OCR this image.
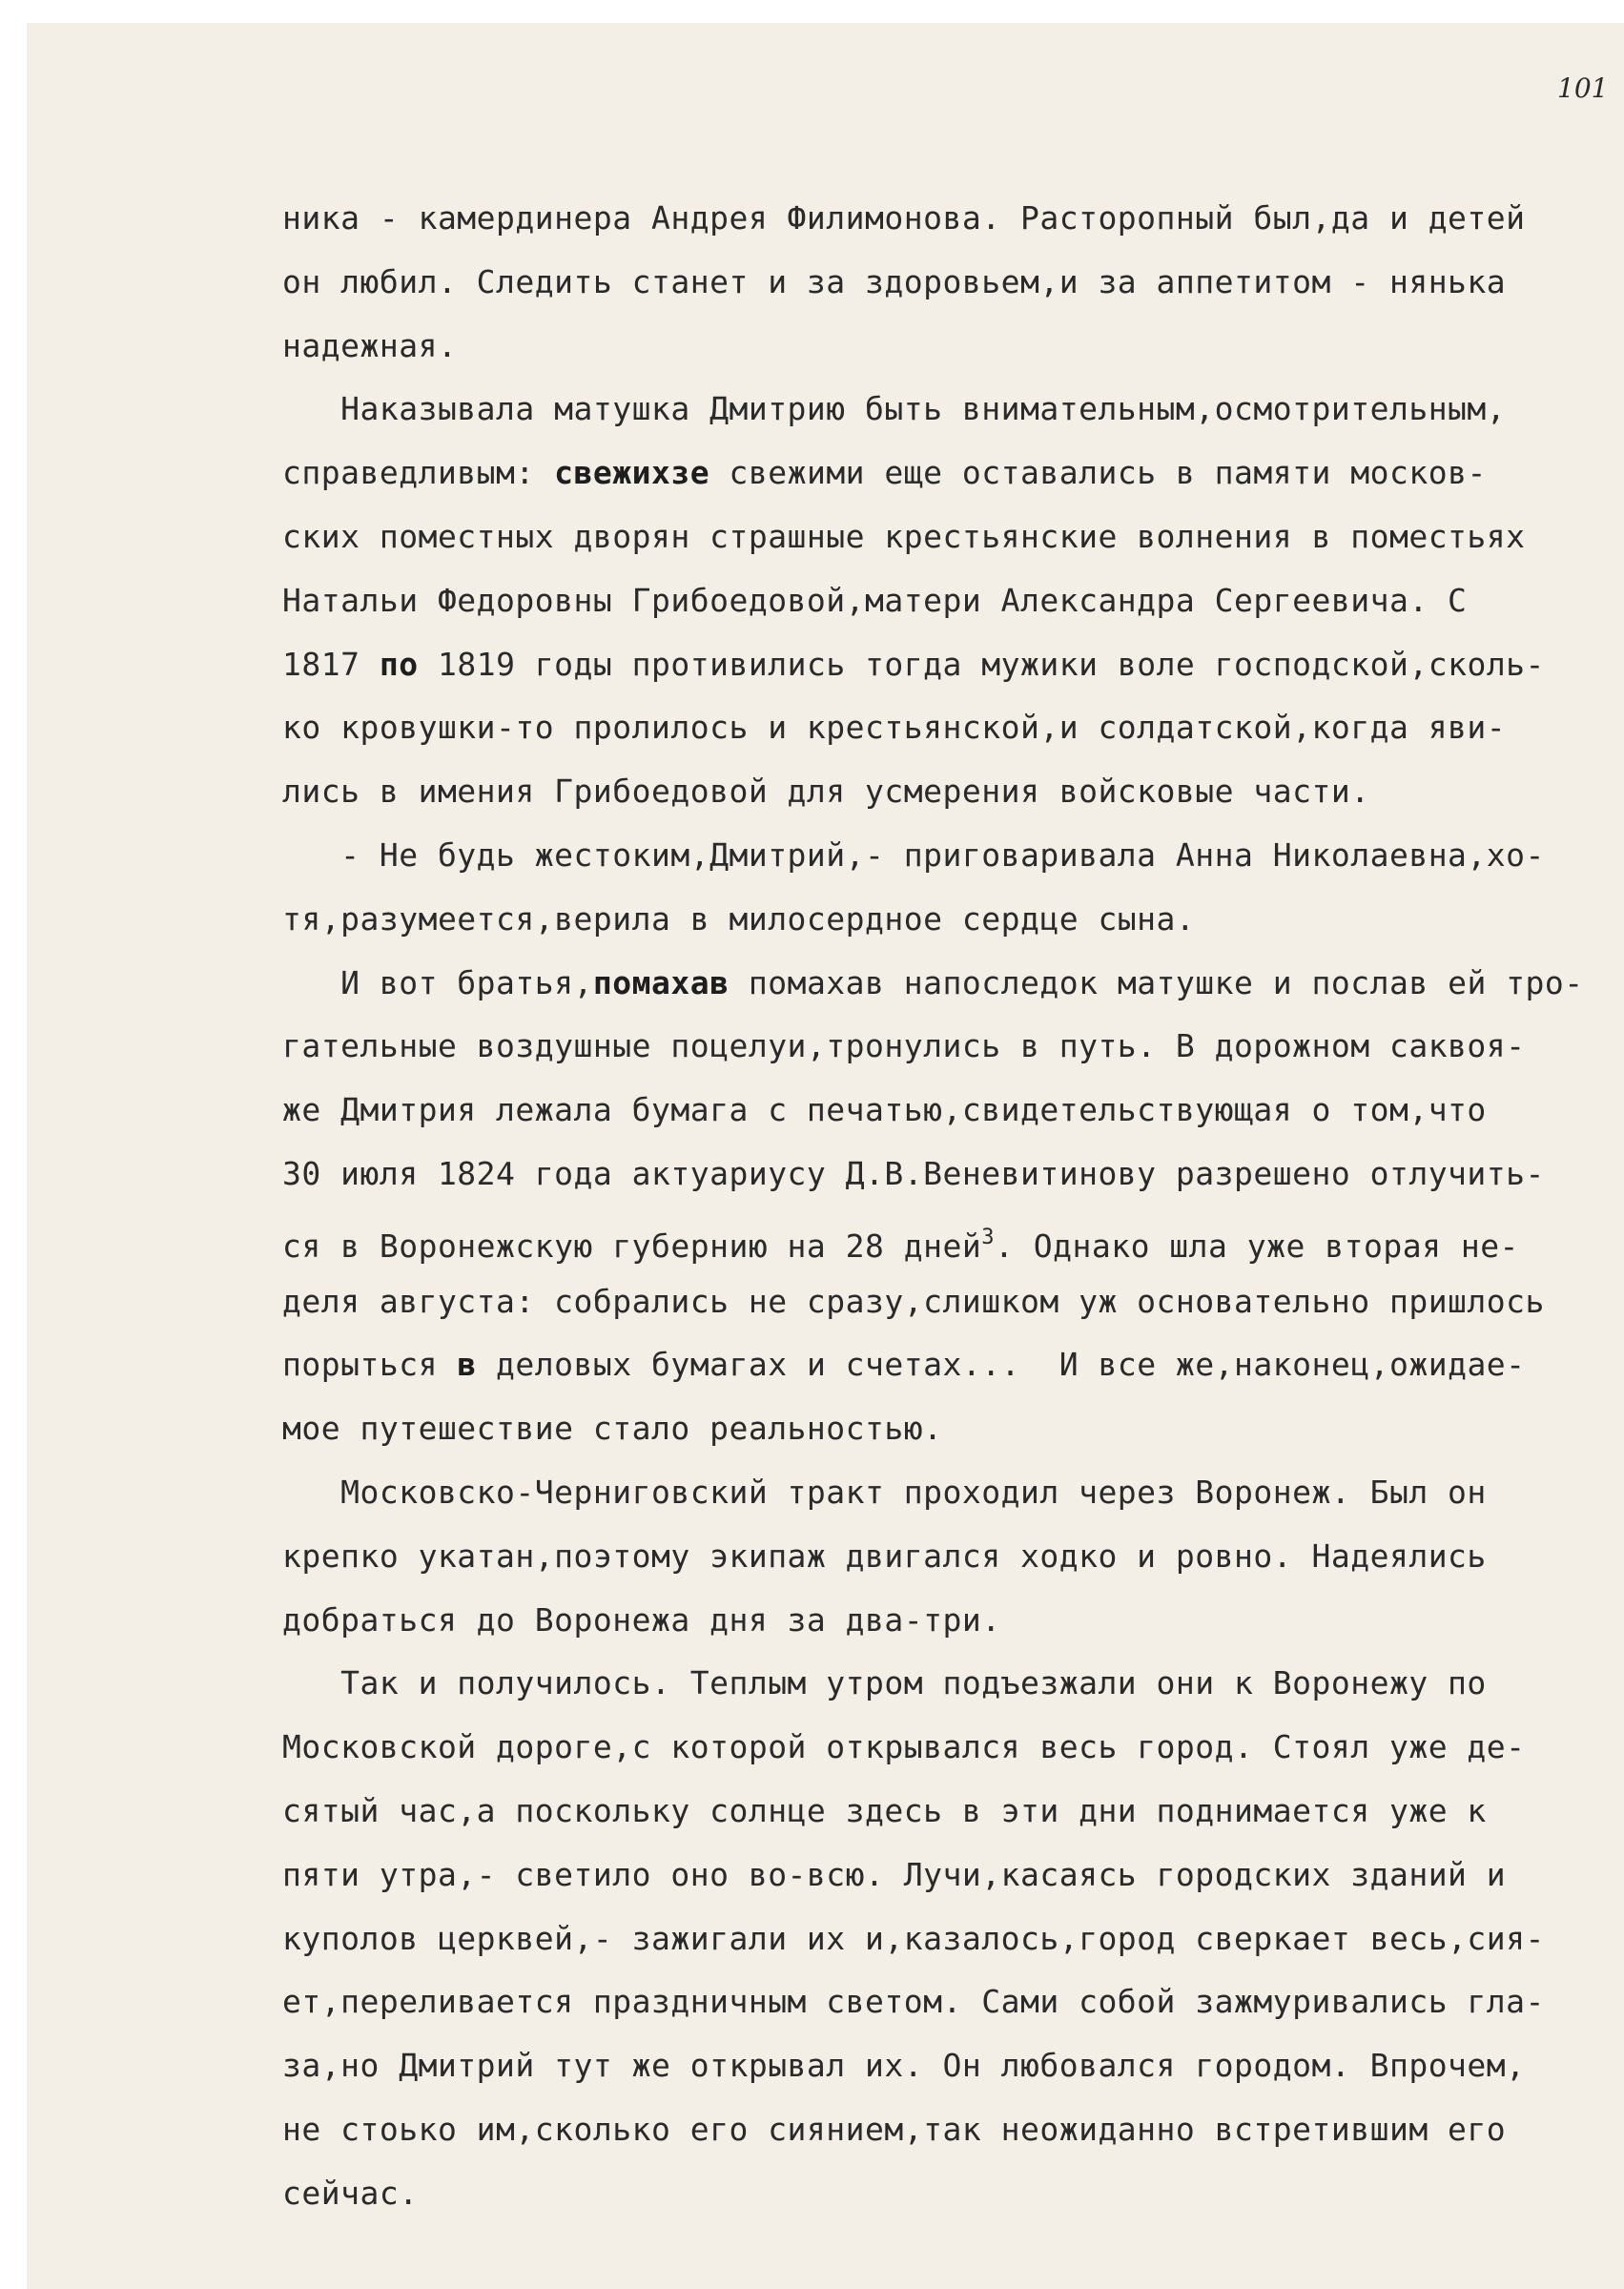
101
ника - камердинера Андрея Филимонова. Расторопный был,да и детей
он любил. Следить станет и за здоровьем,и за аппетитом - нянька
надежная.
Наказывала матушка Дмитрию быть внимательным,осмотрительным,
справедливым: свежихзе свежими еще оставались в памяти москов-
ских поместных дворян страшные крестьянские волнения в поместьях
Натальи Федоровны Грибоедовой,матери Александра Сергеевича. С
1817 по 1819 годы противились тогда мужики воле господской,сколь-
ко кровушки-то пролилось и крестьянской,и солдатской,когда яви-
лись в имения Грибоедовой для усмерения войсковые части.
- Не будь жестоким,Дмитрий,- приговаривала Анна Николаевна,хо-
тя,разумеется,верила в милосердное сердце сына.
И вот братья,помахав помахав напоследок матушке и послав ей тро-
гательные воздушные поцелуи,тронулись в путь. В дорожном саквоя-
же Дмитрия лежала бумага с печатью,свидетельствующая о том,что
30 июля 1824 года актуариусу Д.В.Веневитинову разрешено отлучить-
ся в Воронежскую губернию на 28 дней$^3$. Однако шла уже вторая не-
деля августа: собрались не сразу,слишком уж основательно пришлось
порыться в деловых бумагах и счетах...  И все же,наконец,ожидае-
мое путешествие стало реальностью.
Московско-Черниговский тракт проходил через Воронеж. Был он
крепко укатан,поэтому экипаж двигался ходко и ровно. Надеялись
добраться до Воронежа дня за два-три.
Так и получилось. Теплым утром подъезжали они к Воронежу по
Московской дороге,с которой открывался весь город. Стоял уже де-
сятый час,а поскольку солнце здесь в эти дни поднимается уже к
пяти утра,- светило оно во-всю. Лучи,касаясь городских зданий и
куполов церквей,- зажигали их и,казалось,город сверкает весь,сия-
ет,переливается праздничным светом. Сами собой зажмуривались гла-
за,но Дмитрий тут же открывал их. Он любовался городом. Впрочем,
не стоько им,сколько его сиянием,так неожиданно встретившим его
сейчас.
